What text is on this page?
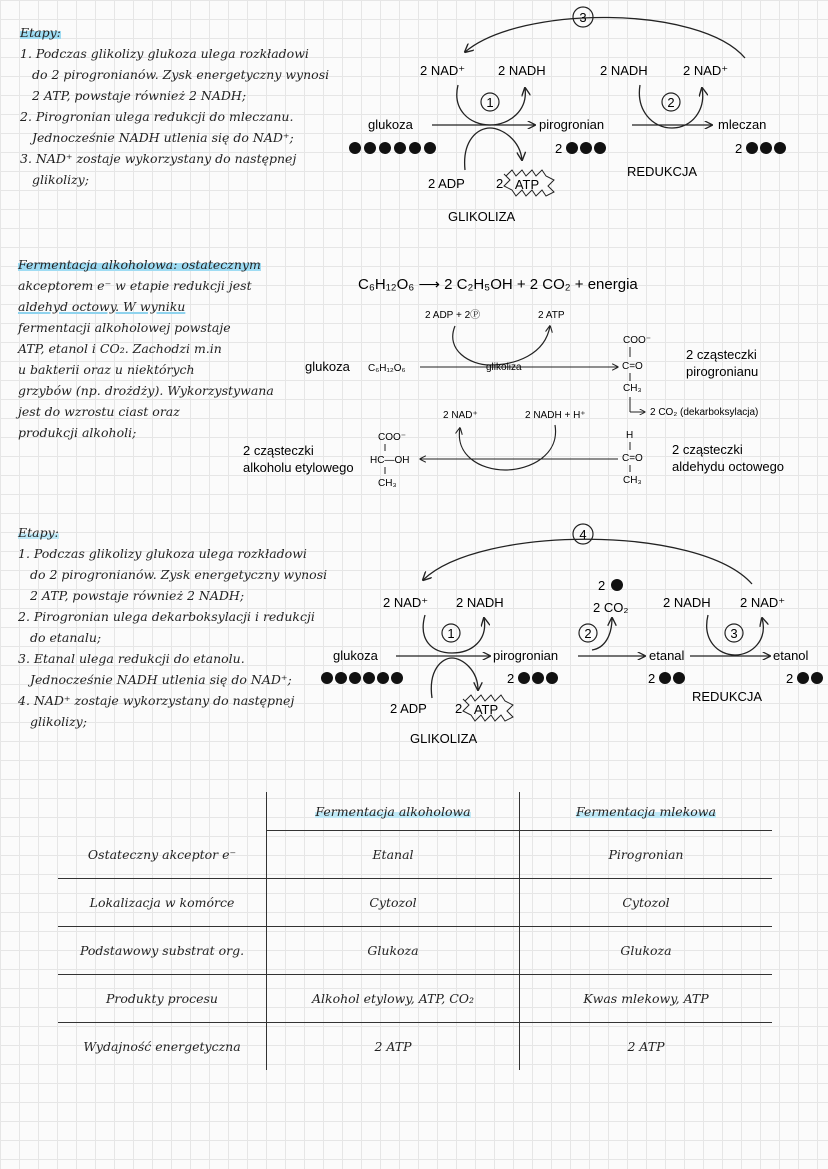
Etapy:
1. Podczas glikolizy glukoza ulega rozkładowi
do 2 pirogronianów. Zysk energetyczny wynosi
2 ATP, powstaje również 2 NADH;
2. Pirogronian ulega redukcji do mleczanu.
Jednocześnie NADH utlenia się do NAD⁺;
3. NAD⁺ zostaje wykorzystany do następnej
glikolizy;
3
2 NAD⁺	2 NADH	2 NADH	2 NAD⁺
1	2
glukoza	pirogronian	mleczan
2	2
2 ADP 2 ATP
REDUKCJA
GLIKOLIZA
Fermentacja alkoholowa: ostatecznym
akceptorem e⁻ w etapie redukcji jest
aldehyd octowy. W wyniku
fermentacji alkoholowej powstaje
ATP, etanol i CO₂. Zachodzi m.in
u bakterii oraz u niektórych
grzybów (np. drożdży). Wykorzystywana
jest do wzrostu ciast oraz
produkcji alkoholi;
C₆H₁₂O₆ ⟶ 2 C₂H₅OH + 2 CO₂ + energia
2 ADP + 2Ⓟ	2 ATP
glukoza C₆H₁₂O₆	glikoliza
COO⁻
C=O
CH₃
2 cząsteczki
pirogronianu
2 CO₂ (dekarboksylacja)
2 NAD⁺	2 NADH + H⁺
H
C=O
CH₃
2 cząsteczki
aldehydu octowego
COO⁻
HC—OH
CH₃
2 cząsteczki
alkoholu etylowego
Etapy:
1. Podczas glikolizy glukoza ulega rozkładowi
do 2 pirogronianów. Zysk energetyczny wynosi
2 ATP, powstaje również 2 NADH;
2. Pirogronian ulega dekarboksylacji i redukcji
do etanalu;
3. Etanal ulega redukcji do etanolu.
Jednocześnie NADH utlenia się do NAD⁺;
4. NAD⁺ zostaje wykorzystany do następnej
glikolizy;
4
2 NAD⁺ 2 NADH
2
2 CO₂	2 NADH 2 NAD⁺
1	2	3
glukoza	pirogronian	etanal	etanol
2	2	2
2 ADP 2 ATP
REDUKCJA
GLIKOLIZA
	Fermentacja alkoholowa	Fermentacja mlekowa
Ostateczny akceptor e⁻	Etanal	Pirogronian
Lokalizacja w komórce	Cytozol	Cytozol
Podstawowy substrat org.	Glukoza	Glukoza
Produkty procesu	Alkohol etylowy, ATP, CO₂	Kwas mlekowy, ATP
Wydajność energetyczna	2 ATP	2 ATP
